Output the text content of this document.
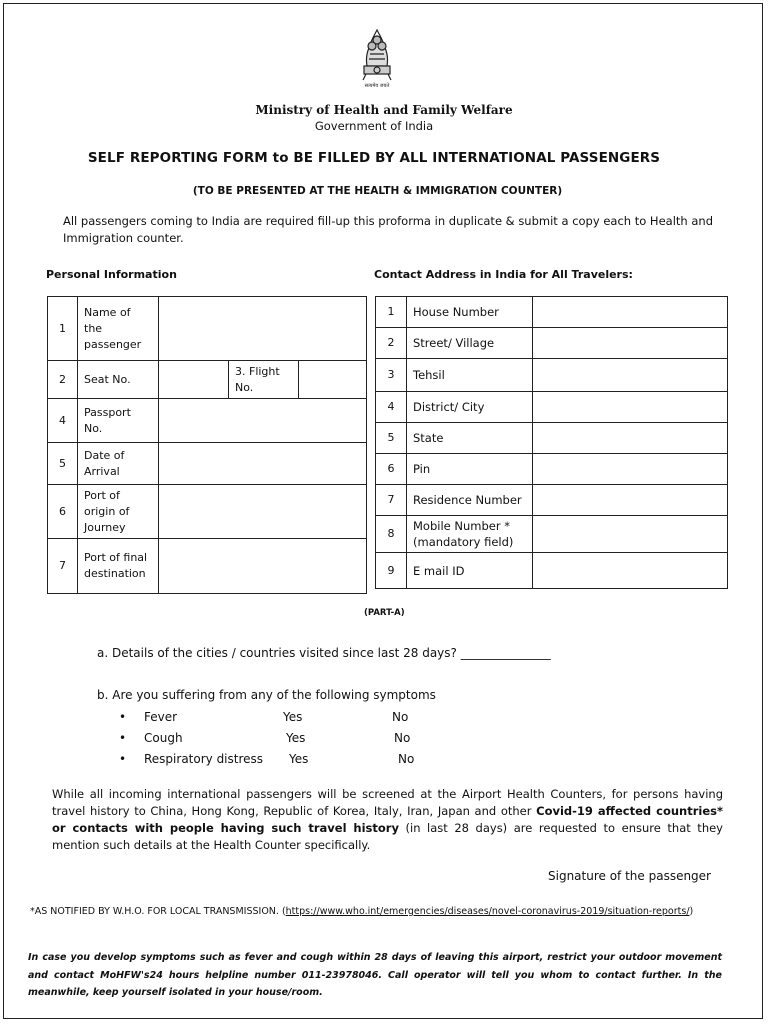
सत्यमेव जयते
Ministry of Health and Family Welfare
Government of India
SELF REPORTING FORM to BE FILLED BY ALL INTERNATIONAL PASSENGERS
(TO BE PRESENTED AT THE HEALTH & IMMIGRATION COUNTER)
All passengers coming to India are required fill-up this proforma in duplicate & submit a copy each to Health and Immigration counter.
Personal Information	Contact Address in India for All Travelers:
1	Name of the passenger			
2	Seat No.		3. Flight No.	
4	Passport No.			
5	Date of Arrival			
6	Port of origin of Journey			
7	Port of final destination			
1	House Number	
2	Street/ Village	
3	Tehsil	
4	District/ City	
5	State	
6	Pin	
7	Residence Number	
8	Mobile Number * (mandatory field)	
9	E mail ID	
(PART-A)
a. Details of the cities / countries visited since last 28 days? _______________
b. Are you suffering from any of the following symptoms
• Fever	Yes	No
• Cough	Yes	No
• Respiratory distress Yes	No
While all incoming international passengers will be screened at the Airport Health Counters, for persons having travel history to China, Hong Kong, Republic of Korea, Italy, Iran, Japan and other Covid-19 affected countries* or contacts with people having such travel history (in last 28 days) are requested to ensure that they mention such details at the Health Counter specifically.
Signature of the passenger
*AS NOTIFIED BY W.H.O. FOR LOCAL TRANSMISSION. (https://www.who.int/emergencies/diseases/novel-coronavirus-2019/situation-reports/)
In case you develop symptoms such as fever and cough within 28 days of leaving this airport, restrict your outdoor movement and contact MoHFW's24 hours helpline number 011-23978046. Call operator will tell you whom to contact further. In the meanwhile, keep yourself isolated in your house/room.
